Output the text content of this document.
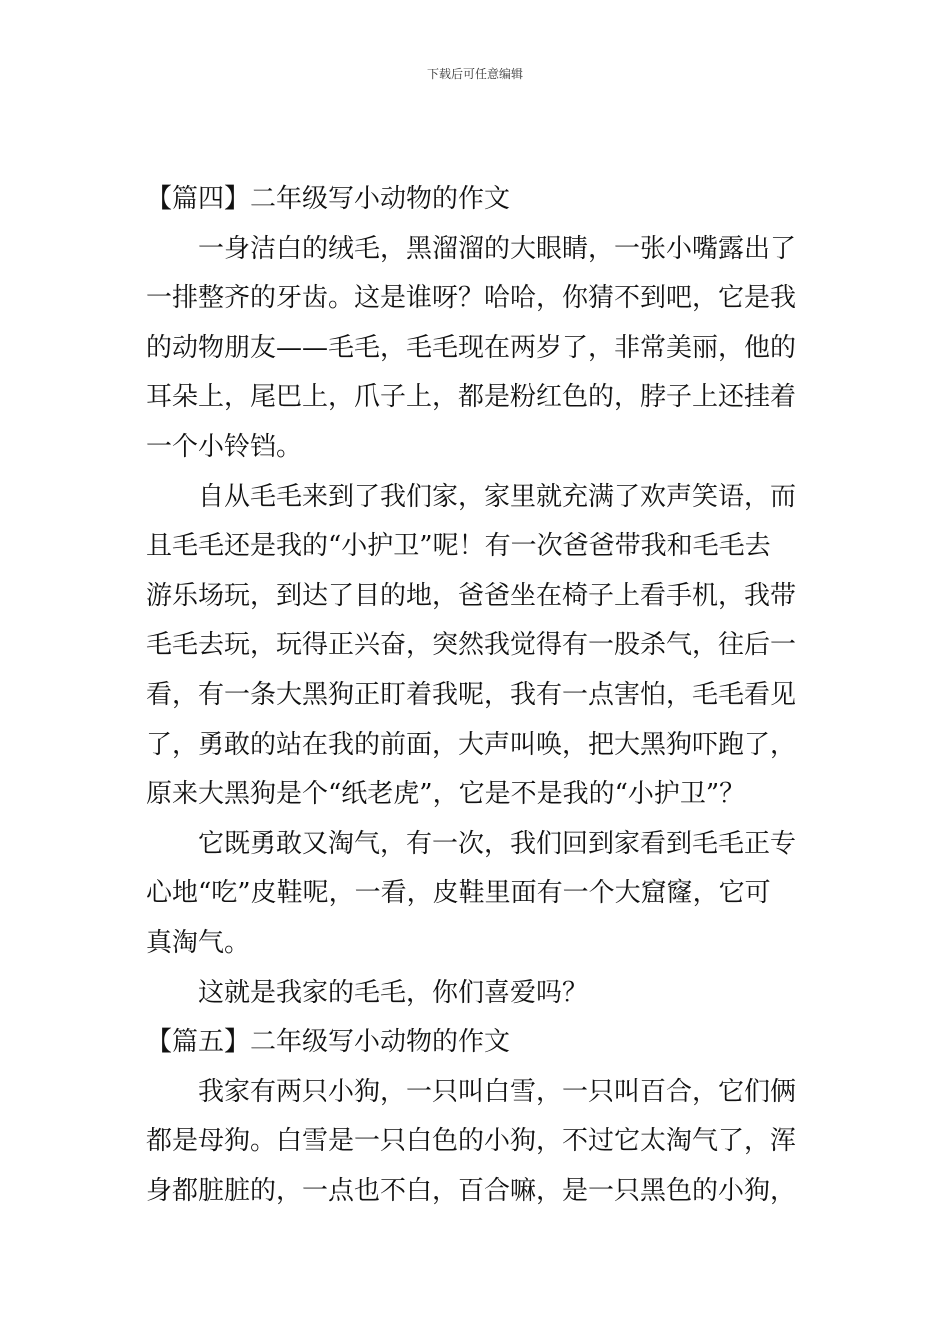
下载后可任意编辑
【篇四】二年级写小动物的作文
一身洁白的绒毛，黑溜溜的大眼睛，一张小嘴露出了
一排整齐的牙齿。这是谁呀？哈哈，你猜不到吧，它是我
的动物朋友——毛毛，毛毛现在两岁了，非常美丽，他的
耳朵上，尾巴上，爪子上，都是粉红色的，脖子上还挂着
一个小铃铛。
自从毛毛来到了我们家，家里就充满了欢声笑语，而
且毛毛还是我的“小护卫”呢！有一次爸爸带我和毛毛去
游乐场玩，到达了目的地，爸爸坐在椅子上看手机，我带
毛毛去玩，玩得正兴奋，突然我觉得有一股杀气，往后一
看，有一条大黑狗正盯着我呢，我有一点害怕，毛毛看见
了，勇敢的站在我的前面，大声叫唤，把大黑狗吓跑了，
原来大黑狗是个“纸老虎”，它是不是我的“小护卫”？
它既勇敢又淘气，有一次，我们回到家看到毛毛正专
心地“吃”皮鞋呢，一看，皮鞋里面有一个大窟窿，它可
真淘气。
这就是我家的毛毛，你们喜爱吗？
【篇五】二年级写小动物的作文
我家有两只小狗，一只叫白雪，一只叫百合，它们俩
都是母狗。白雪是一只白色的小狗，不过它太淘气了，浑
身都脏脏的，一点也不白，百合嘛，是一只黑色的小狗，
